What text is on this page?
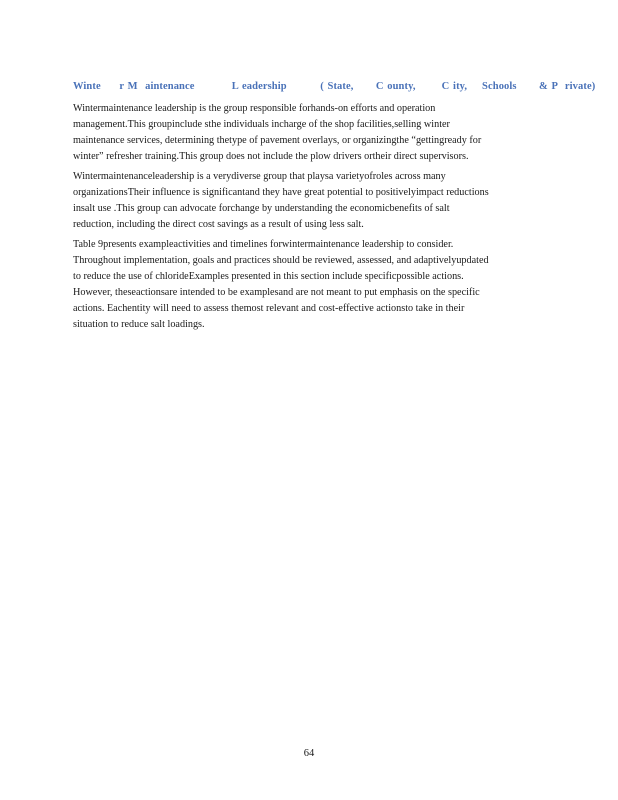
Winte     r M  aintenance          L eadership         ( State,      C ounty,       C ity,    Schools      & P  rivate)
Wintermaintenance leadership is the group responsible forhands-on efforts and operation
management.This groupinclude sthe individuals incharge of the shop facilities,selling winter
maintenance services, determining thetype of pavement overlays, or organizingthe “gettingready for
winter” refresher training.This group does not include the plow drivers ortheir direct supervisors.
Wintermaintenanceleadership is a verydiverse group that playsa varietyofroles across many
organizationsTheir influence is significantand they have great potential to positivelyimpact reductions
insalt use .This group can advocate forchange by understanding the economicbenefits of salt
reduction, including the direct cost savings as a result of using less salt.
Table 9presents exampleactivities and timelines forwintermaintenance leadership to consider.
Throughout implementation, goals and practices should be reviewed, assessed, and adaptivelyupdated
to reduce the use of chlorideExamples presented in this section include specificpossible actions.
However, theseactionsare intended to be examplesand are not meant to put emphasis on the specific
actions. Eachentity will need to assess themost relevant and cost-effective actionsto take in their
situation to reduce salt loadings.
64
